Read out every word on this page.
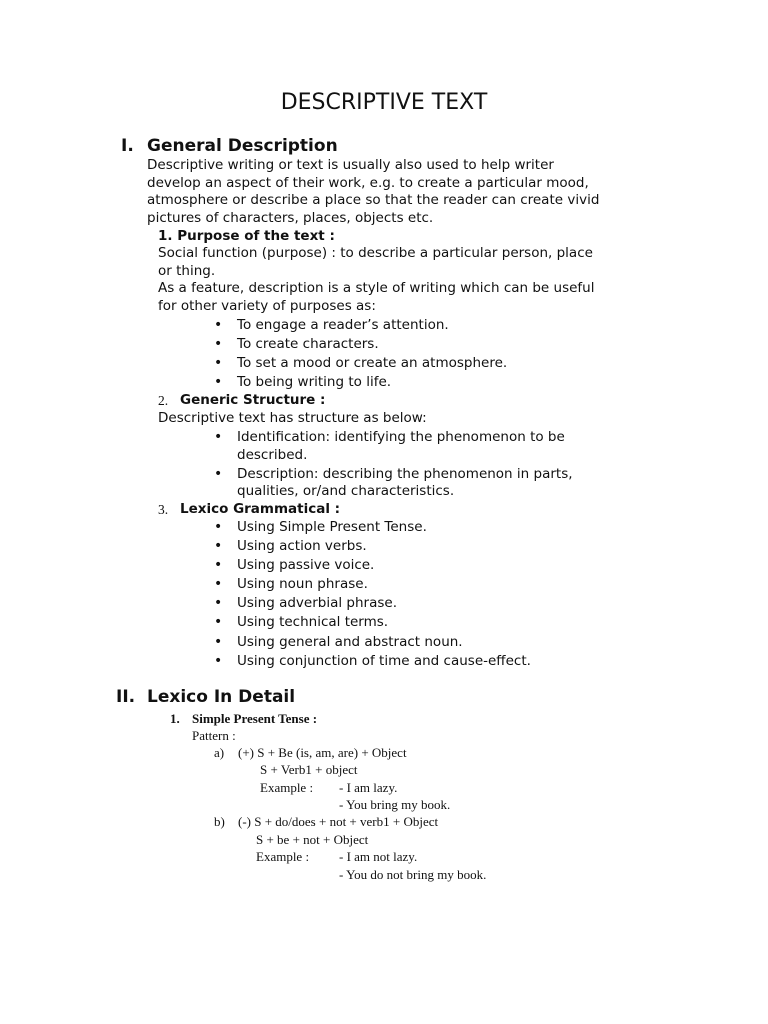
DESCRIPTIVE TEXT
I. General Description
Descriptive writing or text is usually also used to help writer
develop an aspect of their work, e.g. to create a particular mood,
atmosphere or describe a place so that the reader can create vivid
pictures of characters, places, objects etc.
1. Purpose of the text :
Social function (purpose) : to describe a particular person, place
or thing.
As a feature, description is a style of writing which can be useful
for other variety of purposes as:
• To engage a reader’s attention.
• To create characters.
• To set a mood or create an atmosphere.
• To being writing to life.
2. Generic Structure :
Descriptive text has structure as below:
• Identification: identifying the phenomenon to be
described.
• Description: describing the phenomenon in parts,
qualities, or/and characteristics.
3. Lexico Grammatical :
• Using Simple Present Tense.
• Using action verbs.
• Using passive voice.
• Using noun phrase.
• Using adverbial phrase.
• Using technical terms.
• Using general and abstract noun.
• Using conjunction of time and cause-effect.
II. Lexico In Detail
1. Simple Present Tense :
Pattern :
a) (+) S + Be (is, am, are) + Object
S + Verb1 + object
Example : - I am lazy.
- You bring my book.
b) (-) S + do/does + not + verb1 + Object
S + be + not + Object
Example : - I am not lazy.
- You do not bring my book.
